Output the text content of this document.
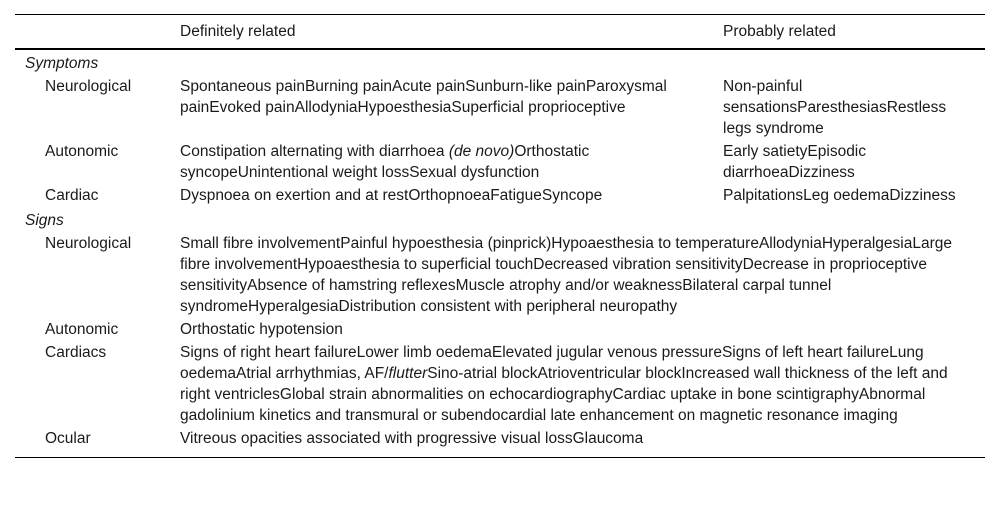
	Definitely related	Probably related
Symptoms		
Neurological	Spontaneous painBurning painAcute painSunburn-like painParoxysmal painEvoked painAllodyniaHypoesthesiaSuperficial proprioceptive	Non-painful sensationsParesthesiasRestless legs syndrome
Autonomic	Constipation alternating with diarrhoea (de novo)Orthostatic syncopeUnintentional weight lossSexual dysfunction	Early satietyEpisodic diarrhoeaDizziness
Cardiac	Dyspnoea on exertion and at restOrthopnoeaFatigueSyncope	PalpitationsLeg oedemaDizziness
Signs		
Neurological	Small fibre involvementPainful hypoesthesia (pinprick)Hypoaesthesia to temperatureAllodyniaHyperalgesiaLarge fibre involvementHypoaesthesia to superficial touchDecreased vibration sensitivityDecrease in proprioceptive sensitivityAbsence of hamstring reflexesMuscle atrophy and/or weaknessBilateral carpal tunnel syndromeHyperalgesiaDistribution consistent with peripheral neuropathy	
Autonomic	Orthostatic hypotension	
Cardiacs	Signs of right heart failureLower limb oedemaElevated jugular venous pressureSigns of left heart failureLung oedemaAtrial arrhythmias, AF/flutterSino-atrial blockAtrioventricular blockIncreased wall thickness of the left and right ventriclesGlobal strain abnormalities on echocardiographyCardiac uptake in bone scintigraphyAbnormal gadolinium kinetics and transmural or subendocardial late enhancement on magnetic resonance imaging	
Ocular	Vitreous opacities associated with progressive visual lossGlaucoma	
